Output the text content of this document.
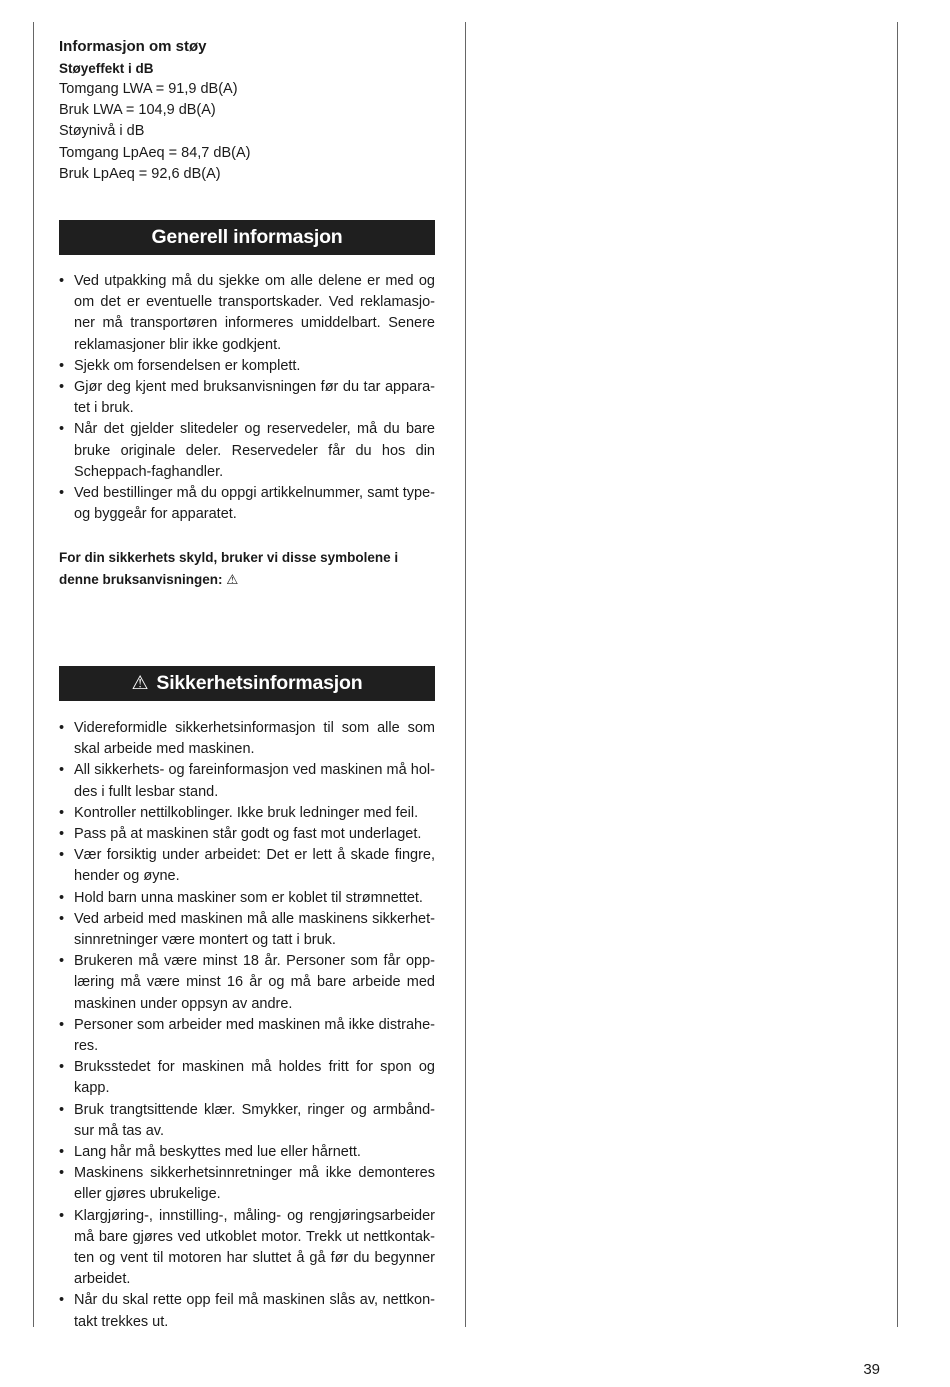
Informasjon om støy
Støyeffekt i dB
Tomgang LWA = 91,9 dB(A)
Bruk LWA = 104,9 dB(A)
Støynivå i dB
Tomgang LpAeq = 84,7 dB(A)
Bruk LpAeq = 92,6 dB(A)
Generell informasjon
• Ved utpakking må du sjekke om alle delene er med og om det er eventuelle transportskader. Ved reklamasjoner må transportøren informeres umiddelbart. Senere reklamasjoner blir ikke godkjent.
• Sjekk om forsendelsen er komplett.
• Gjør deg kjent med bruksanvisningen før du tar apparatet i bruk.
• Når det gjelder slitedeler og reservedeler, må du bare bruke originale deler. Reservedeler får du hos din Scheppach-faghandler.
• Ved bestillinger må du oppgi artikkelnummer, samt type- og byggeår for apparatet.
For din sikkerhets skyld, bruker vi disse symbolene i denne bruksanvisningen: ⚠
⚠ Sikkerhetsinformasjon
• Videreformidle sikkerhetsinformasjon til som alle som skal arbeide med maskinen.
• All sikkerhets- og fareinformasjon ved maskinen må holdes i fullt lesbar stand.
• Kontroller nettilkoblinger. Ikke bruk ledninger med feil.
• Pass på at maskinen står godt og fast mot underlaget.
• Vær forsiktig under arbeidet: Det er lett å skade fingre, hender og øyne.
• Hold barn unna maskiner som er koblet til strømnettet.
• Ved arbeid med maskinen må alle maskinens sikkerhetsinnretninger være montert og tatt i bruk.
• Brukeren må være minst 18 år. Personer som får opplæring må være minst 16 år og må bare arbeide med maskinen under oppsyn av andre.
• Personer som arbeider med maskinen må ikke distraheres.
• Bruksstedet for maskinen må holdes fritt for spon og kapp.
• Bruk trangtsittende klær. Smykker, ringer og armbåndsur må tas av.
• Lang hår må beskyttes med lue eller hårnett.
• Maskinens sikkerhetsinnretninger må ikke demonteres eller gjøres ubrukelige.
• Klargjøring-, innstilling-, måling- og rengjøringsarbeider må bare gjøres ved utkoblet motor. Trekk ut nettkontakten og vent til motoren har sluttet å gå før du begynner arbeidet.
• Når du skal rette opp feil må maskinen slås av, nettkontakt trekkes ut.
39
